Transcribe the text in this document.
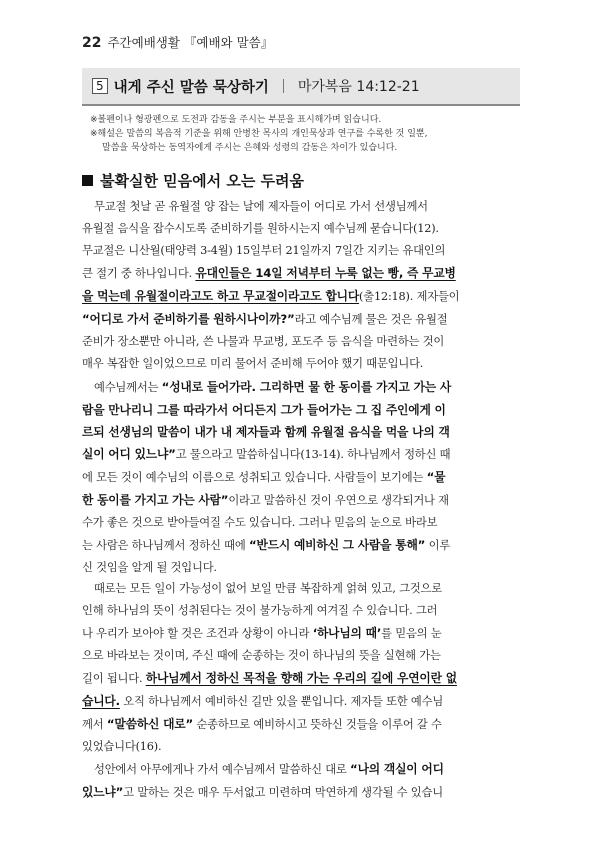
22 주간예배생활 『예배와 말씀』
5 내게 주신 말씀 묵상하기 마가복음 14:12-21
※볼펜이나 형광펜으로 도전과 감동을 주시는 부분을 표시해가며 읽습니다.
※해설은 말씀의 복음적 기준을 위해 안병찬 목사의 개인묵상과 연구를 수록한 것 일뿐,
말씀을 묵상하는 동역자에게 주시는 은혜와 성령의 감동은 차이가 있습니다.
불확실한 믿음에서 오는 두려움
무교절 첫날 곧 유월절 양 잡는 날에 제자들이 어디로 가서 선생님께서
유월절 음식을 잡수시도록 준비하기를 원하시는지 예수님께 묻습니다(12).
무교절은 니산월(태양력 3-4월) 15일부터 21일까지 7일간 지키는 유대인의
큰 절기 중 하나입니다. 유대인들은 14일 저녁부터 누룩 없는 빵, 즉 무교병
을 먹는데 유월절이라고도 하고 무교절이라고도 합니다(출12:18). 제자들이
“어디로 가서 준비하기를 원하시나이까?”라고 예수님께 물은 것은 유월절
준비가 장소뿐만 아니라, 쓴 나물과 무교병, 포도주 등 음식을 마련하는 것이
매우 복잡한 일이었으므로 미리 물어서 준비해 두어야 했기 때문입니다.
예수님께서는 “성내로 들어가라. 그리하면 물 한 동이를 가지고 가는 사
람을 만나리니 그를 따라가서 어디든지 그가 들어가는 그 집 주인에게 이
르되 선생님의 말씀이 내가 내 제자들과 함께 유월절 음식을 먹을 나의 객
실이 어디 있느냐”고 물으라고 말씀하십니다(13-14). 하나님께서 정하신 때
에 모든 것이 예수님의 이름으로 성취되고 있습니다. 사람들이 보기에는 “물
한 동이를 가지고 가는 사람”이라고 말씀하신 것이 우연으로 생각되거나 재
수가 좋은 것으로 받아들여질 수도 있습니다. 그러나 믿음의 눈으로 바라보
는 사람은 하나님께서 정하신 때에 “반드시 예비하신 그 사람을 통해” 이루
신 것임을 알게 될 것입니다.
때로는 모든 일이 가능성이 없어 보일 만큼 복잡하게 얽혀 있고, 그것으로
인해 하나님의 뜻이 성취된다는 것이 불가능하게 여겨질 수 있습니다. 그러
나 우리가 보아야 할 것은 조건과 상황이 아니라 ‘하나님의 때’를 믿음의 눈
으로 바라보는 것이며, 주신 때에 순종하는 것이 하나님의 뜻을 실현해 가는
길이 됩니다. 하나님께서 정하신 목적을 향해 가는 우리의 길에 우연이란 없
습니다. 오직 하나님께서 예비하신 길만 있을 뿐입니다. 제자들 또한 예수님
께서 “말씀하신 대로” 순종하므로 예비하시고 뜻하신 것들을 이루어 갈 수
있었습니다(16).
성안에서 아무에게나 가서 예수님께서 말씀하신 대로 “나의 객실이 어디
있느냐”고 말하는 것은 매우 두서없고 미련하며 막연하게 생각될 수 있습니
